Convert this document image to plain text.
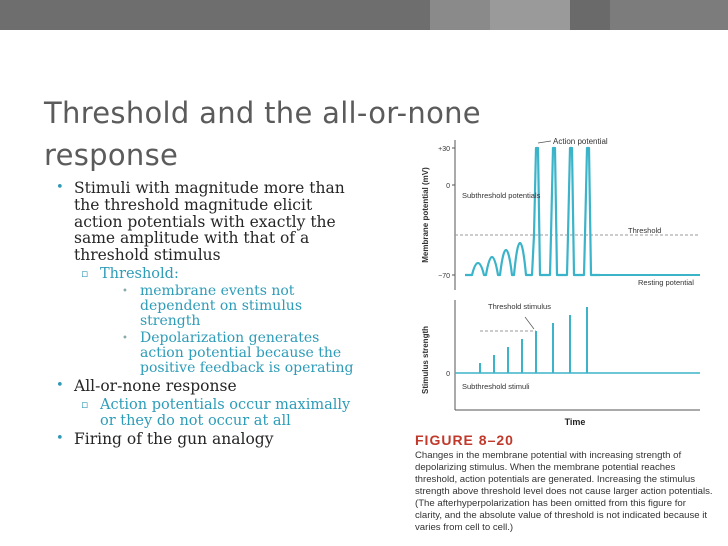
Threshold and the all-or-none
response
• Stimuli with magnitude more than the threshold magnitude elicit action potentials with exactly the same amplitude with that of a threshold stimulus
▫ Threshold:
• membrane events not dependent on stimulus strength
• Depolarization generates action potential because the positive feedback is operating
• All-or-none response
▫ Action potentials occur maximally or they do not occur at all
• Firing of the gun analogy
Membrane potential (mV)
+30
0
−70
Threshold
Resting potential
Action potential
Subthreshold potentials
Stimulus strength 0
Threshold stimulus
Subthreshold stimuli
Time
FIGURE 8–20
Changes in the membrane potential with increasing strength of depolarizing stimulus. When the membrane potential reaches threshold, action potentials are generated. Increasing the stimulus strength above threshold level does not cause larger action potentials. (The afterhyperpolarization has been omitted from this figure for clarity, and the absolute value of threshold is not indicated because it varies from cell to cell.)
